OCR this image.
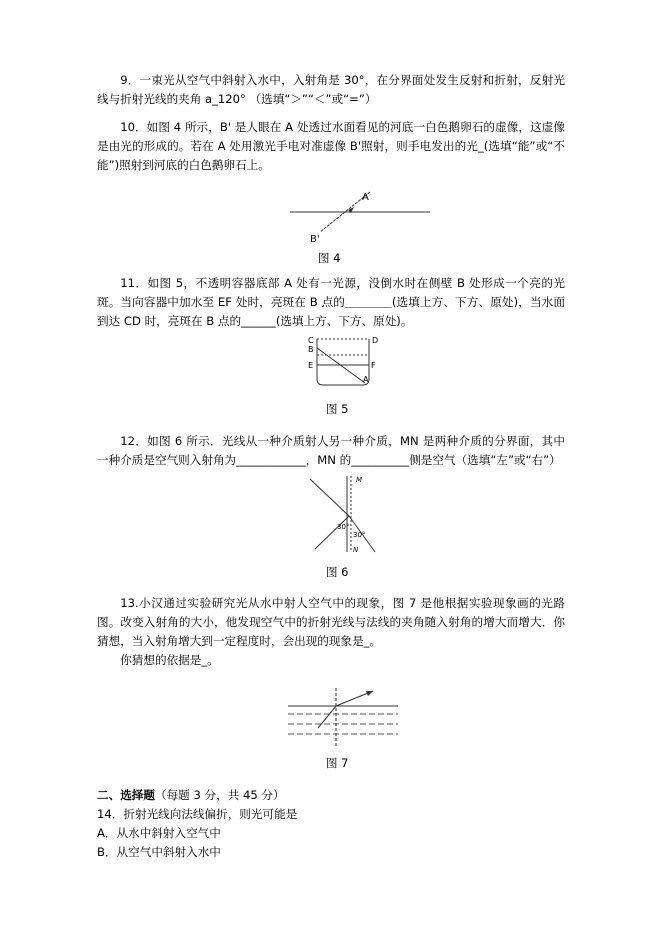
9．一束光从空气中斜射入水中，入射角是 30°，在分界面处发生反射和折射，反射光线与折射光线的夹角 a_120° （选填“＞”“＜”或“=”）

10．如图 4 所示，B' 是人眼在 A 处透过水面看见的河底一白色鹅卵石的虚像，这虚像是由光的形成的。若在 A 处用激光手电对准虚像 B'照射，则手电发出的光_(选填“能”或“不能”)照射到河底的白色鹅卵石上。

A
B'
图 4

11．如图 5，不透明容器底部 A 处有一光源，没倒水时在侧壁 B 处形成一个亮的光斑。当向容器中加水至 EF 处时，亮斑在 B 点的＿＿＿＿(选填上方、下方、原处)，当水面到达 CD 时，亮斑在 B 点的______(选填上方、下方、原处)。

C	D
B
E	F
A
图 5

12．如图 6 所示．光线从一种介质射人另一种介质，MN 是两种介质的分界面，其中一种介质是空气则入射角为____________，MN 的__________侧是空气（选填“左”或“右”）

M
N
30°
30°
图 6

13.小汉通过实验研究光从水中射人空气中的现象，图 7 是他根据实验现象画的光路图。改变入射角的大小，他发现空气中的折射光线与法线的夹角随入射角的增大而增大．你猜想，当入射角增大到一定程度时，会出现的现象是_。

你猜想的依据是_。

图 7
二、选择题（每题 3 分，共 45 分）
14．折射光线向法线偏折，则光可能是
A．从水中斜射入空气中
B．从空气中斜射入水中
